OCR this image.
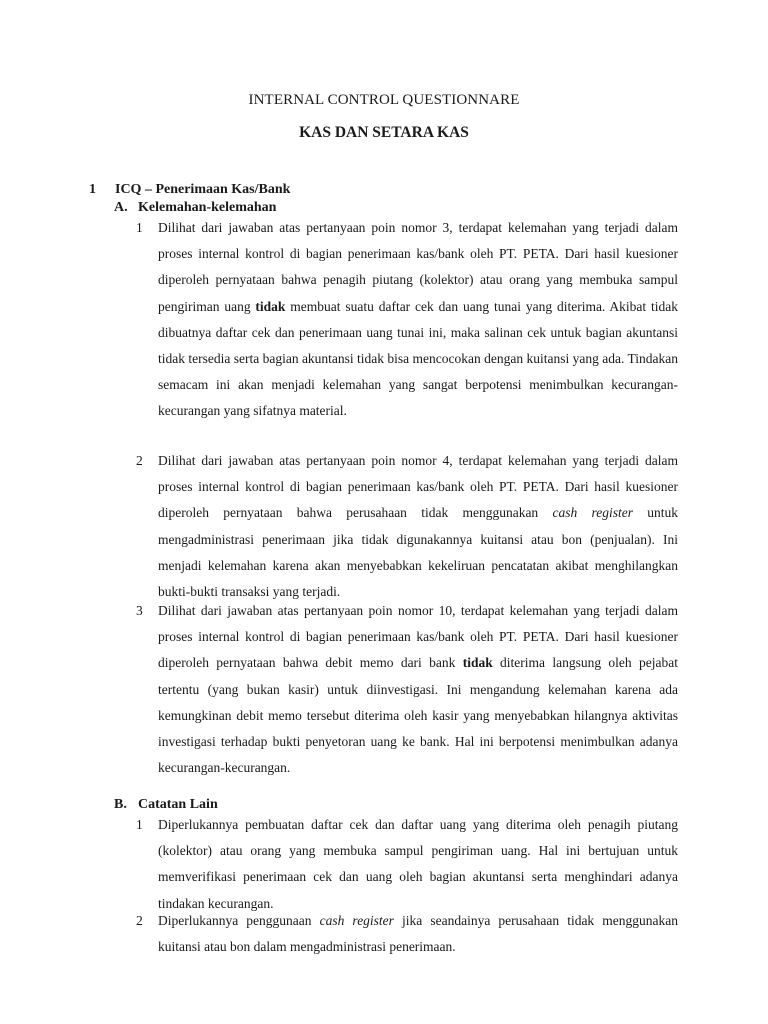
INTERNAL CONTROL QUESTIONNARE
KAS DAN SETARA KAS
1 ICQ – Penerimaan Kas/Bank
A. Kelemahan-kelemahan
1 Dilihat dari jawaban atas pertanyaan poin nomor 3, terdapat kelemahan yang terjadi dalam proses internal kontrol di bagian penerimaan kas/bank oleh PT. PETA. Dari hasil kuesioner diperoleh pernyataan bahwa penagih piutang (kolektor) atau orang yang membuka sampul pengiriman uang tidak membuat suatu daftar cek dan uang tunai yang diterima. Akibat tidak dibuatnya daftar cek dan penerimaan uang tunai ini, maka salinan cek untuk bagian akuntansi tidak tersedia serta bagian akuntansi tidak bisa mencocokan dengan kuitansi yang ada. Tindakan semacam ini akan menjadi kelemahan yang sangat berpotensi menimbulkan kecurangan-kecurangan yang sifatnya material.
2 Dilihat dari jawaban atas pertanyaan poin nomor 4, terdapat kelemahan yang terjadi dalam proses internal kontrol di bagian penerimaan kas/bank oleh PT. PETA. Dari hasil kuesioner diperoleh pernyataan bahwa perusahaan tidak menggunakan cash register untuk mengadministrasi penerimaan jika tidak digunakannya kuitansi atau bon (penjualan). Ini menjadi kelemahan karena akan menyebabkan kekeliruan pencatatan akibat menghilangkan bukti-bukti transaksi yang terjadi.
3 Dilihat dari jawaban atas pertanyaan poin nomor 10, terdapat kelemahan yang terjadi dalam proses internal kontrol di bagian penerimaan kas/bank oleh PT. PETA. Dari hasil kuesioner diperoleh pernyataan bahwa debit memo dari bank tidak diterima langsung oleh pejabat tertentu (yang bukan kasir) untuk diinvestigasi. Ini mengandung kelemahan karena ada kemungkinan debit memo tersebut diterima oleh kasir yang menyebabkan hilangnya aktivitas investigasi terhadap bukti penyetoran uang ke bank. Hal ini berpotensi menimbulkan adanya kecurangan-kecurangan.
B. Catatan Lain
1 Diperlukannya pembuatan daftar cek dan daftar uang yang diterima oleh penagih piutang (kolektor) atau orang yang membuka sampul pengiriman uang. Hal ini bertujuan untuk memverifikasi penerimaan cek dan uang oleh bagian akuntansi serta menghindari adanya tindakan kecurangan.
2 Diperlukannya penggunaan cash register jika seandainya perusahaan tidak menggunakan kuitansi atau bon dalam mengadministrasi penerimaan.
